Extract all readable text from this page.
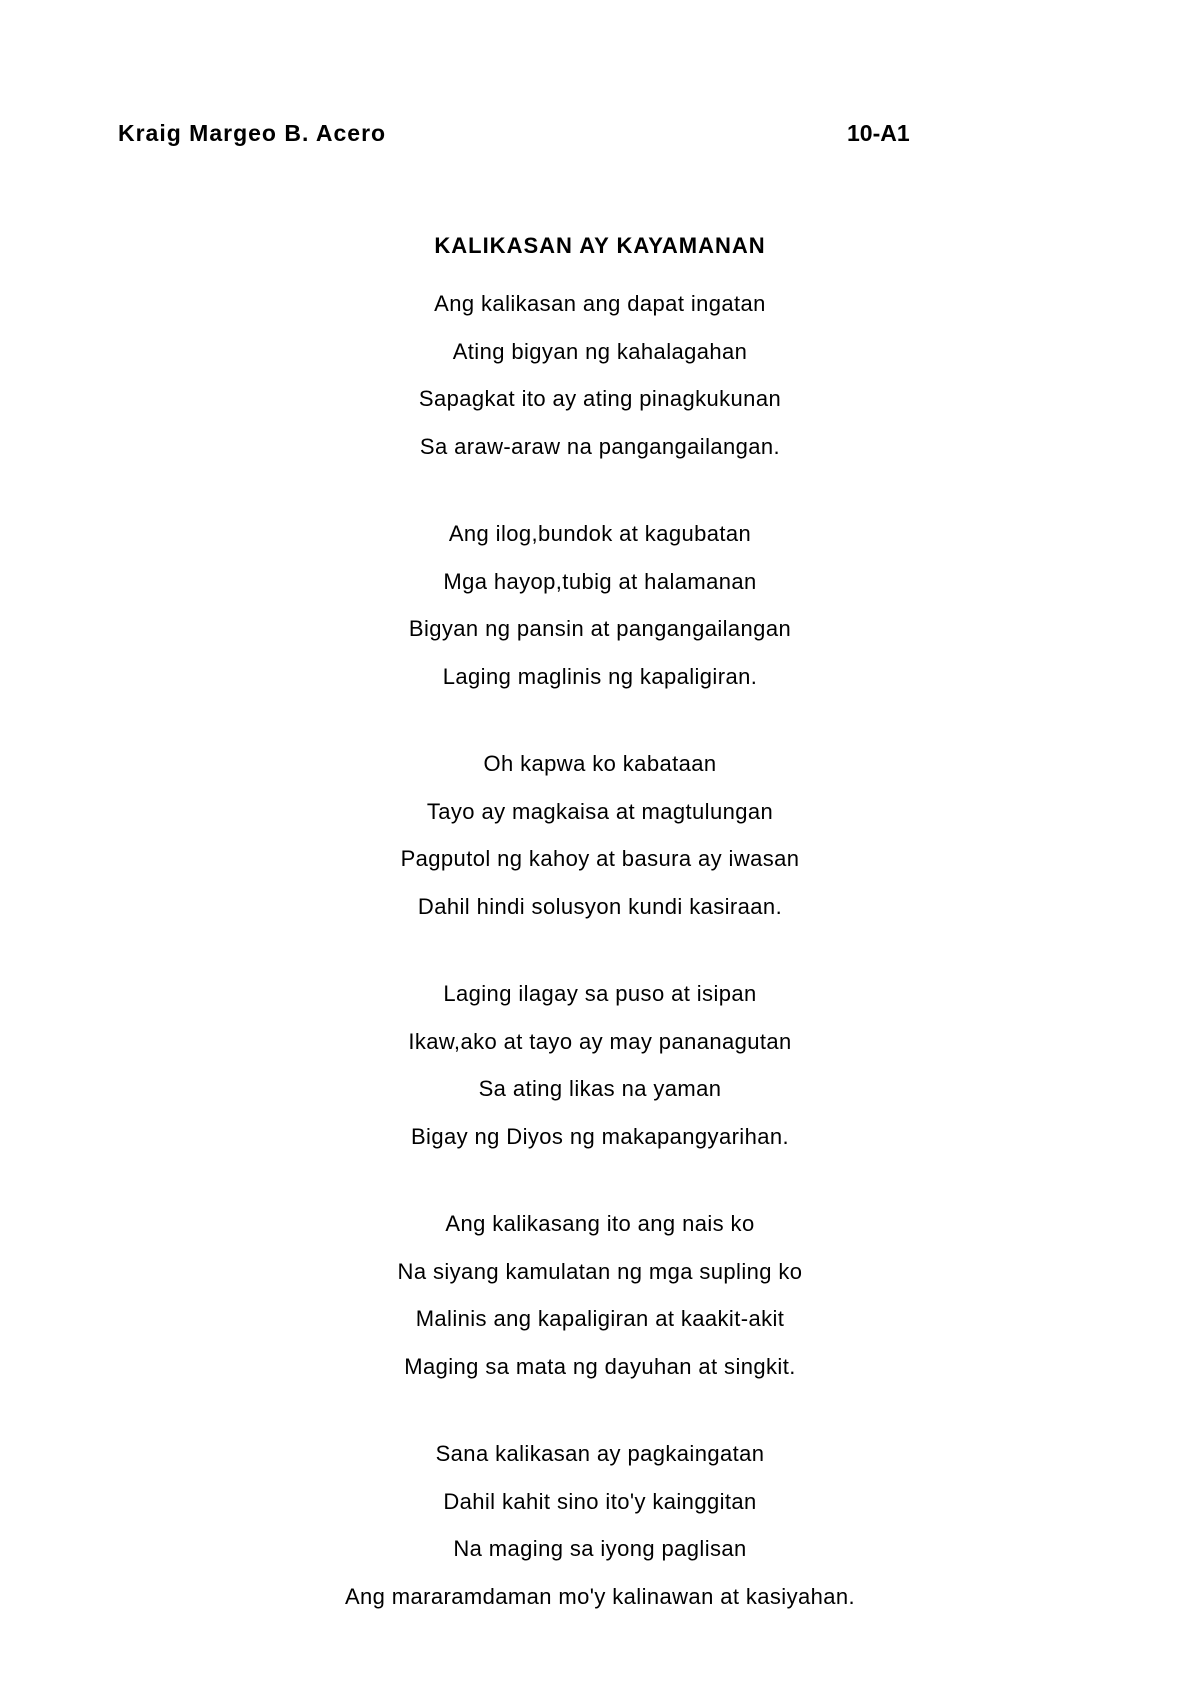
Kraig Margeo B. Acero	10-A1
KALIKASAN AY KAYAMANAN
Ang kalikasan ang dapat ingatan
Ating bigyan ng kahalagahan
Sapagkat ito ay ating pinagkukunan
Sa araw-araw na pangangailangan.
Ang ilog,bundok at kagubatan
Mga hayop,tubig at halamanan
Bigyan ng pansin at pangangailangan
Laging maglinis ng kapaligiran.
Oh kapwa ko kabataan
Tayo ay magkaisa at magtulungan
Pagputol ng kahoy at basura ay iwasan
Dahil hindi solusyon kundi kasiraan.
Laging ilagay sa puso at isipan
Ikaw,ako at tayo ay may pananagutan
Sa ating likas na yaman
Bigay ng Diyos ng makapangyarihan.
Ang kalikasang ito ang nais ko
Na siyang kamulatan ng mga supling ko
Malinis ang kapaligiran at kaakit-akit
Maging sa mata ng dayuhan at singkit.
Sana kalikasan ay pagkaingatan
Dahil kahit sino ito'y kainggitan
Na maging sa iyong paglisan
Ang mararamdaman mo'y kalinawan at kasiyahan.
